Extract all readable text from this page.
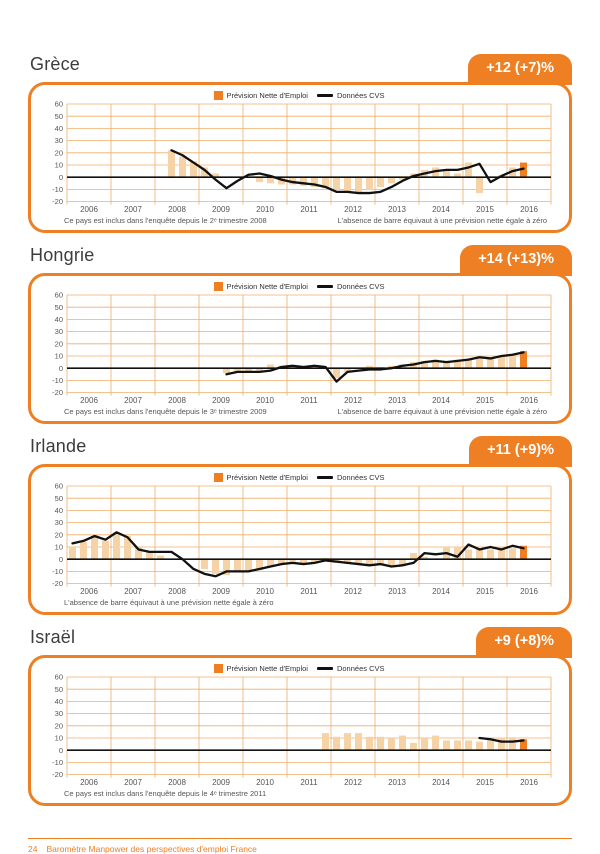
Grèce	+12 (+7)%
Prévision Nette d'Emploi	Données CVS
60
50
40
30
20
10
0
-10
-20
2006	2007	2008	2009	2010	2011	2012	2013	2014	2015	2016
Ce pays est inclus dans l'enquête depuis le 2ᵉ trimestre 2008	L'absence de barre équivaut à une prévision nette égale à zéro
Hongrie	+14 (+13)%
Prévision Nette d'Emploi	Données CVS
60
50
40
30
20
10
0
-10
-20
2006	2007	2008	2009	2010	2011	2012	2013	2014	2015	2016
Ce pays est inclus dans l'enquête depuis le 3ᵉ trimestre 2009	L'absence de barre équivaut à une prévision nette égale à zéro
Irlande	+11 (+9)%
Prévision Nette d'Emploi	Données CVS
60
50
40
30
20
10
0
-10
-20
2006	2007	2008	2009	2010	2011	2012	2013	2014	2015	2016
L'absence de barre équivaut à une prévision nette égale à zéro
Israël	+9 (+8)%
Prévision Nette d'Emploi	Données CVS
60
50
40
30
20
10
0
-10
-20
2006	2007	2008	2009	2010	2011	2012	2013	2014	2015	2016
Ce pays est inclus dans l'enquête depuis le 4ᵉ trimestre 2011
24 Baromètre Manpower des perspectives d'emploi France
